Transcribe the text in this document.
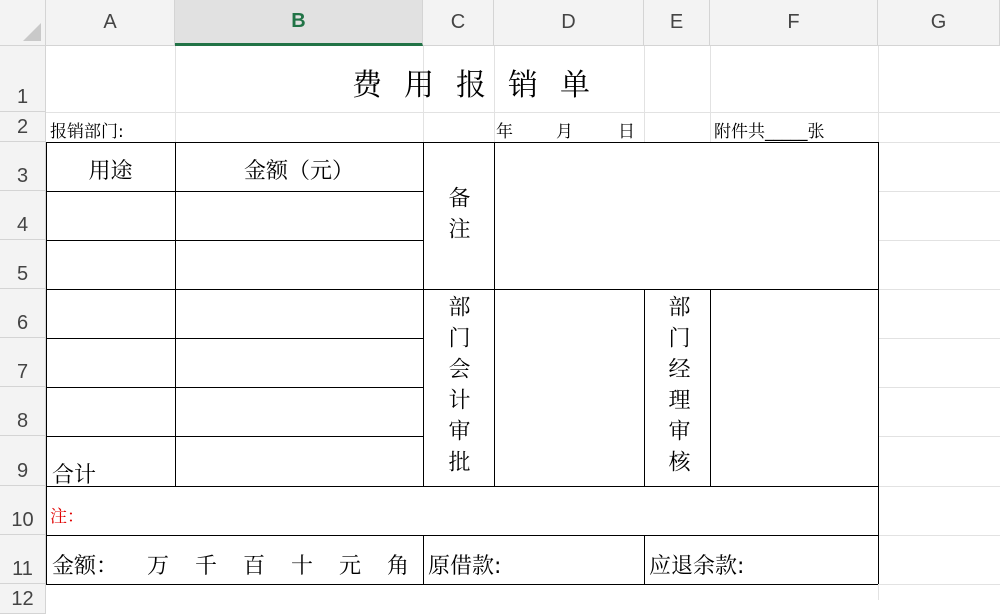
A	B	C	D	E	F	G
1
2
3
4
5
6
7
8
9
10
11
12
费用报销单
报销部门:	年	月	日	附件共_____张
用途	金额（元）
备注
部门会计审批	部门经理审核
合计
注：
金额： 万 千 百 十 元 角 原借款:	应退余款:
